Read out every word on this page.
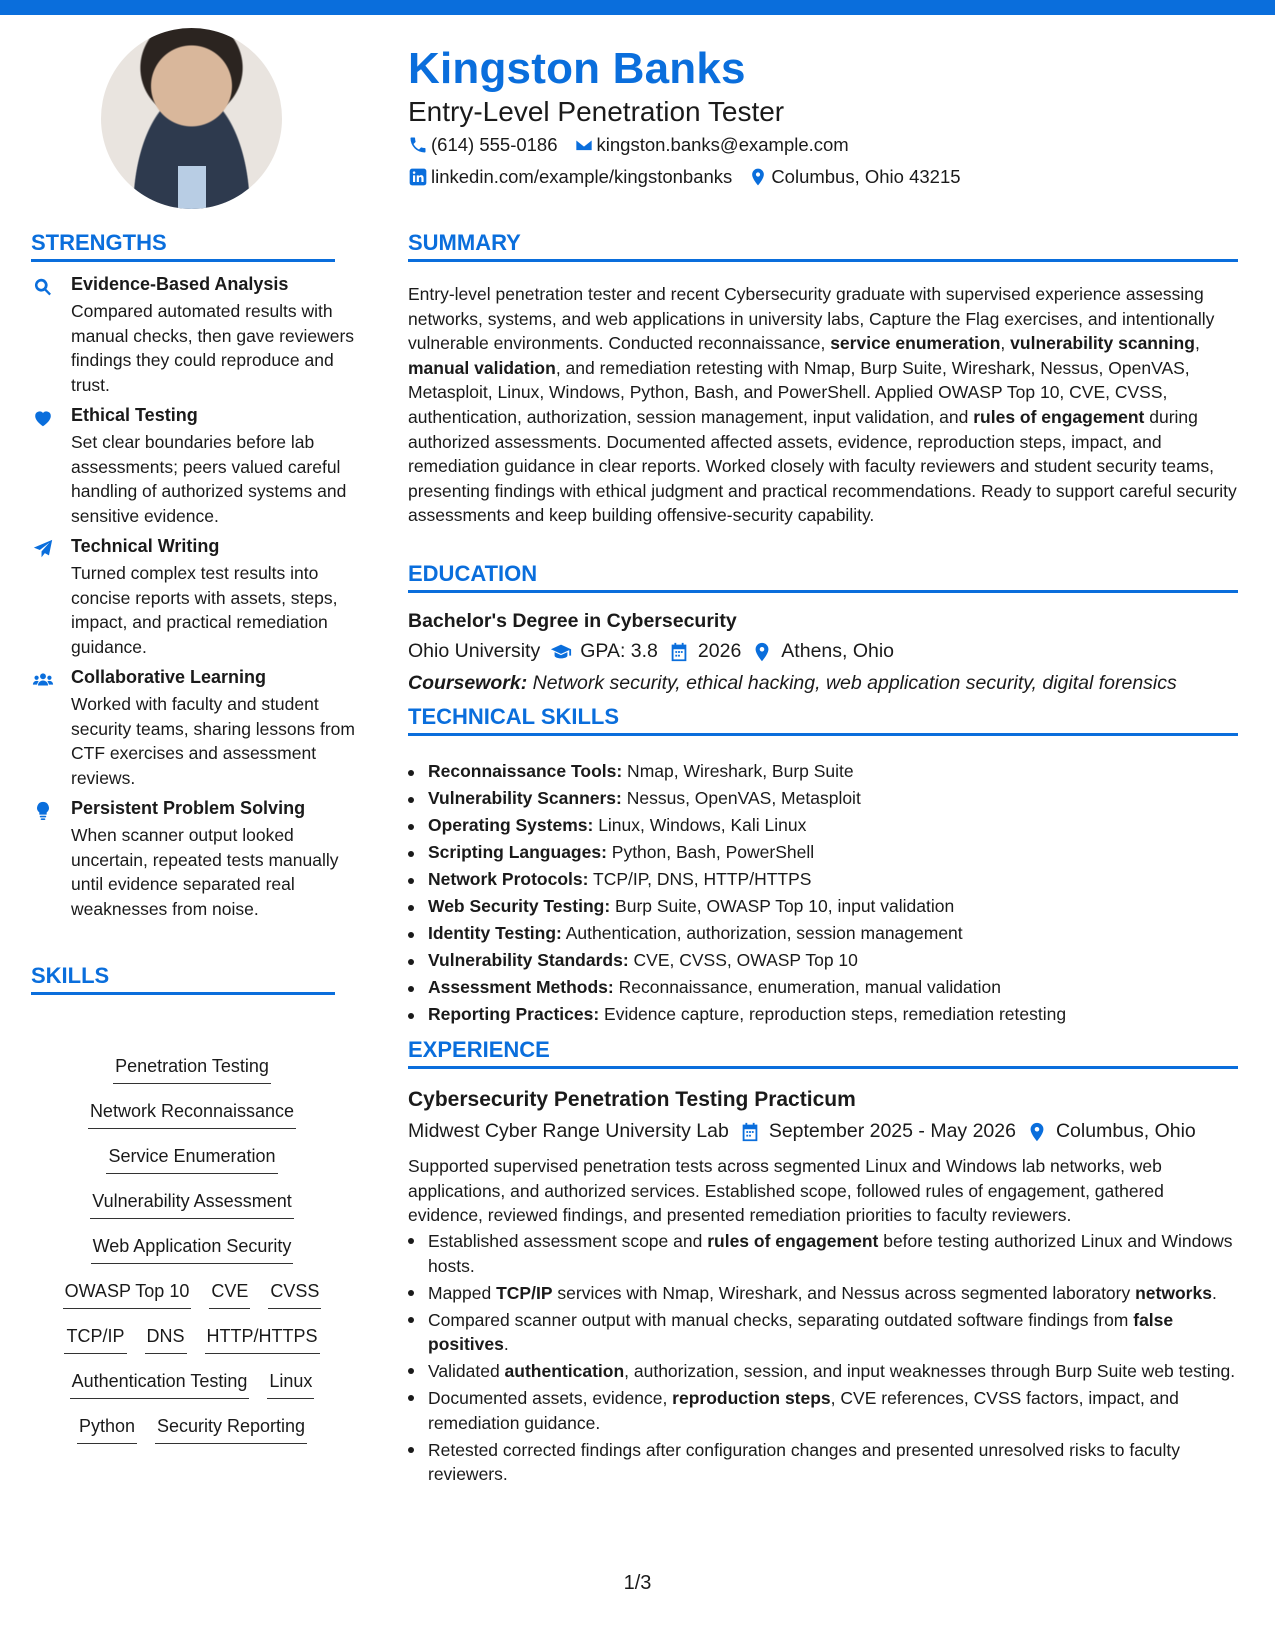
Kingston Banks
Entry-Level Penetration Tester
(614) 555-0186 kingston.banks@example.com
linkedin.com/example/kingstonbanks Columbus, Ohio 43215
STRENGTHS
Evidence-Based Analysis
Compared automated results with manual checks, then gave reviewers findings they could reproduce and trust.
Ethical Testing
Set clear boundaries before lab assessments; peers valued careful handling of authorized systems and sensitive evidence.
Technical Writing
Turned complex test results into concise reports with assets, steps, impact, and practical remediation guidance.
Collaborative Learning
Worked with faculty and student security teams, sharing lessons from CTF exercises and assessment reviews.
Persistent Problem Solving
When scanner output looked uncertain, repeated tests manually until evidence separated real weaknesses from noise.
SKILLS
Penetration Testing
Network Reconnaissance
Service Enumeration
Vulnerability Assessment
Web Application Security
OWASP Top 10 CVE CVSS
TCP/IP DNS HTTP/HTTPS
Authentication Testing Linux
Python Security Reporting
SUMMARY
Entry-level penetration tester and recent Cybersecurity graduate with supervised experience assessing networks, systems, and web applications in university labs, Capture the Flag exercises, and intentionally vulnerable environments. Conducted reconnaissance, service enumeration, vulnerability scanning, manual validation, and remediation retesting with Nmap, Burp Suite, Wireshark, Nessus, OpenVAS, Metasploit, Linux, Windows, Python, Bash, and PowerShell. Applied OWASP Top 10, CVE, CVSS, authentication, authorization, session management, input validation, and rules of engagement during authorized assessments. Documented affected assets, evidence, reproduction steps, impact, and remediation guidance in clear reports. Worked closely with faculty reviewers and student security teams, presenting findings with ethical judgment and practical recommendations. Ready to support careful security assessments and keep building offensive-security capability.
EDUCATION
Bachelor's Degree in Cybersecurity
Ohio University GPA: 3.8 2026 Athens, Ohio
Coursework: Network security, ethical hacking, web application security, digital forensics
TECHNICAL SKILLS
Reconnaissance Tools: Nmap, Wireshark, Burp Suite
Vulnerability Scanners: Nessus, OpenVAS, Metasploit
Operating Systems: Linux, Windows, Kali Linux
Scripting Languages: Python, Bash, PowerShell
Network Protocols: TCP/IP, DNS, HTTP/HTTPS
Web Security Testing: Burp Suite, OWASP Top 10, input validation
Identity Testing: Authentication, authorization, session management
Vulnerability Standards: CVE, CVSS, OWASP Top 10
Assessment Methods: Reconnaissance, enumeration, manual validation
Reporting Practices: Evidence capture, reproduction steps, remediation retesting
EXPERIENCE
Cybersecurity Penetration Testing Practicum
Midwest Cyber Range University Lab September 2025 - May 2026 Columbus, Ohio
Supported supervised penetration tests across segmented Linux and Windows lab networks, web applications, and authorized services. Established scope, followed rules of engagement, gathered evidence, reviewed findings, and presented remediation priorities to faculty reviewers.
Established assessment scope and rules of engagement before testing authorized Linux and Windows hosts.
Mapped TCP/IP services with Nmap, Wireshark, and Nessus across segmented laboratory networks.
Compared scanner output with manual checks, separating outdated software findings from false positives.
Validated authentication, authorization, session, and input weaknesses through Burp Suite web testing.
Documented assets, evidence, reproduction steps, CVE references, CVSS factors, impact, and remediation guidance.
Retested corrected findings after configuration changes and presented unresolved risks to faculty reviewers.
1/3
